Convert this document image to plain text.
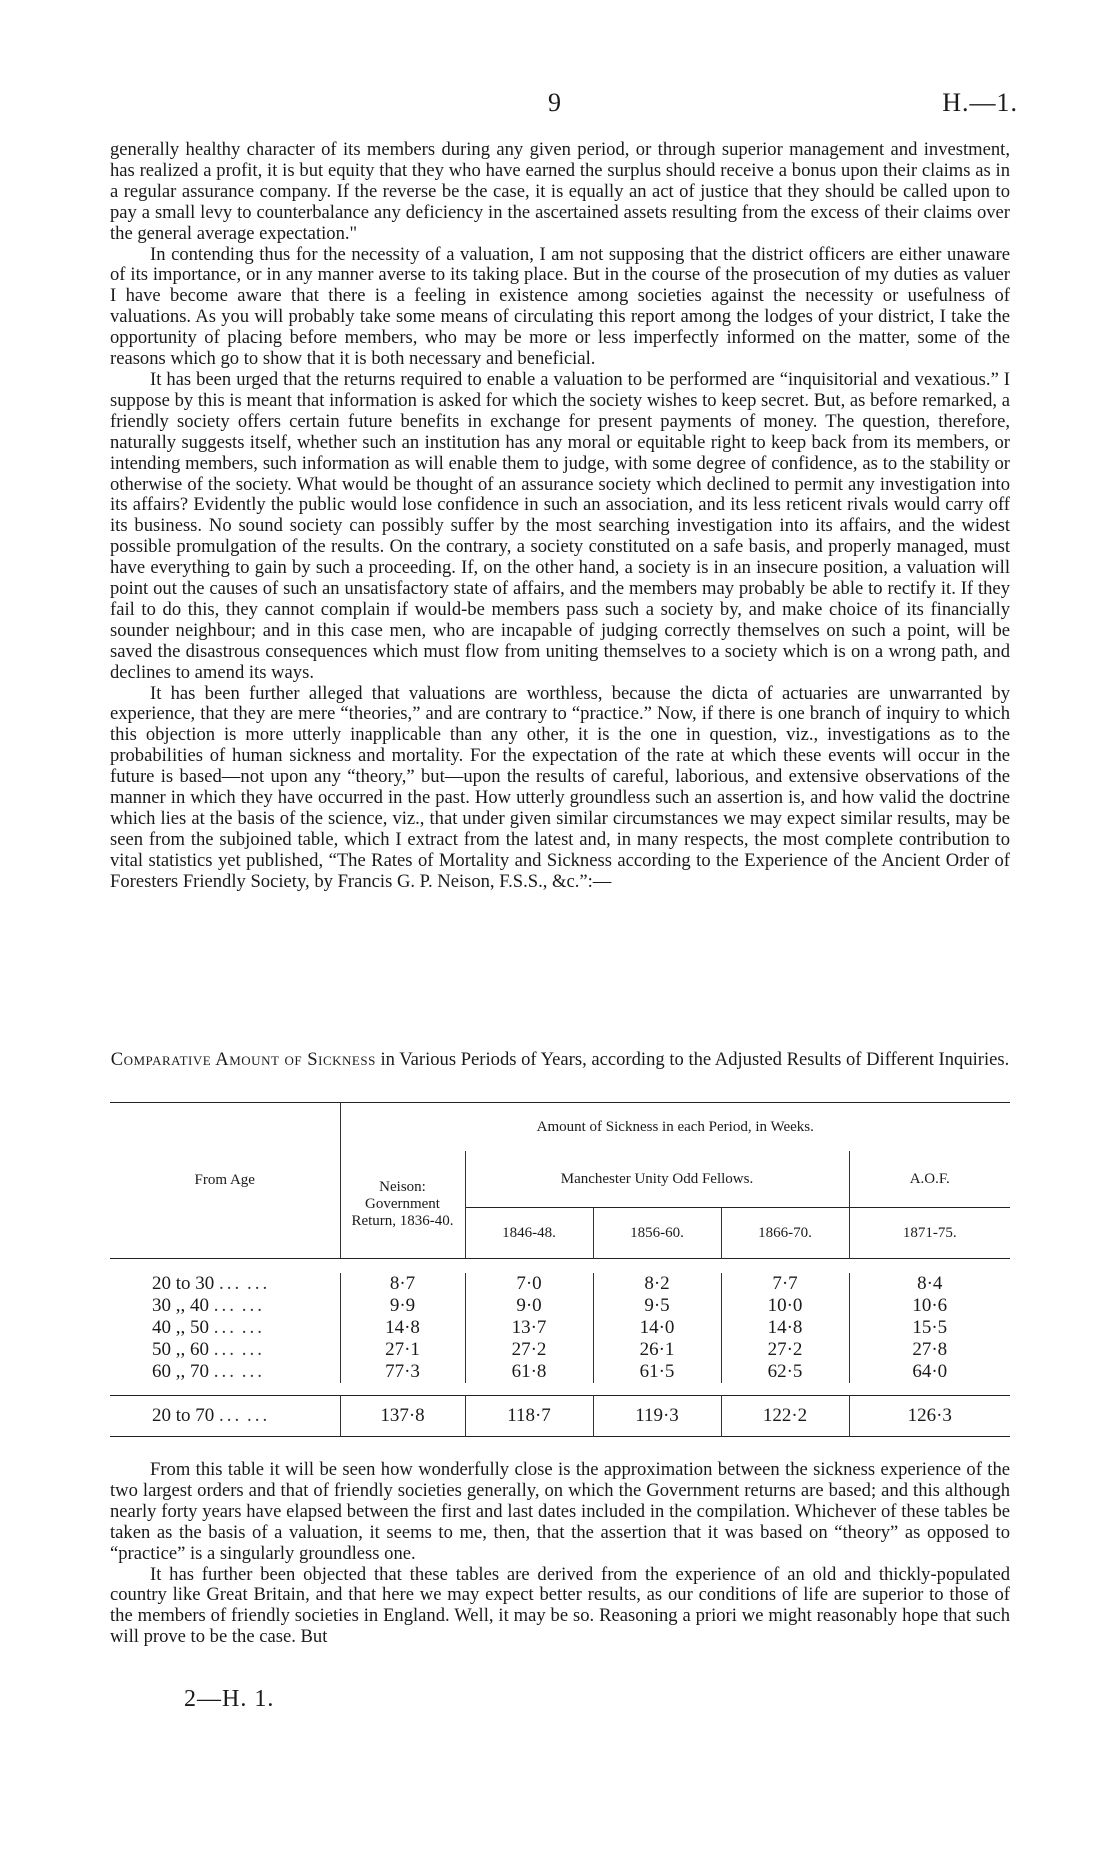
9	H.—1.

generally healthy character of its members during any given period, or through superior management and investment, has realized a profit, it is but equity that they who have earned the surplus should receive a bonus upon their claims as in a regular assurance company. If the reverse be the case, it is equally an act of justice that they should be called upon to pay a small levy to counterbalance any deficiency in the ascertained assets resulting from the excess of their claims over the general average expectation."

In contending thus for the necessity of a valuation, I am not supposing that the district officers are either unaware of its importance, or in any manner averse to its taking place. But in the course of the prosecution of my duties as valuer I have become aware that there is a feeling in existence among societies against the necessity or usefulness of valuations. As you will probably take some means of circulating this report among the lodges of your district, I take the opportunity of placing before members, who may be more or less imperfectly informed on the matter, some of the reasons which go to show that it is both necessary and beneficial.

It has been urged that the returns required to enable a valuation to be performed are “inquisitorial and vexatious.” I suppose by this is meant that information is asked for which the society wishes to keep secret. But, as before remarked, a friendly society offers certain future benefits in exchange for present payments of money. The question, therefore, naturally suggests itself, whether such an institution has any moral or equitable right to keep back from its members, or intending members, such information as will enable them to judge, with some degree of confidence, as to the stability or otherwise of the society. What would be thought of an assurance society which declined to permit any investigation into its affairs? Evidently the public would lose confidence in such an association, and its less reticent rivals would carry off its business. No sound society can possibly suffer by the most searching investigation into its affairs, and the widest possible promulgation of the results. On the contrary, a society constituted on a safe basis, and properly managed, must have everything to gain by such a proceeding. If, on the other hand, a society is in an insecure position, a valuation will point out the causes of such an unsatisfactory state of affairs, and the members may probably be able to rectify it. If they fail to do this, they cannot complain if would-be members pass such a society by, and make choice of its financially sounder neighbour; and in this case men, who are incapable of judging correctly themselves on such a point, will be saved the disastrous consequences which must flow from uniting themselves to a society which is on a wrong path, and declines to amend its ways.

It has been further alleged that valuations are worthless, because the dicta of actuaries are unwarranted by experience, that they are mere “theories,” and are contrary to “practice.” Now, if there is one branch of inquiry to which this objection is more utterly inapplicable than any other, it is the one in question, viz., investigations as to the probabilities of human sickness and mortality. For the expectation of the rate at which these events will occur in the future is based—not upon any “theory,” but—upon the results of careful, laborious, and extensive observations of the manner in which they have occurred in the past. How utterly groundless such an assertion is, and how valid the doctrine which lies at the basis of the science, viz., that under given similar circumstances we may expect similar results, may be seen from the subjoined table, which I extract from the latest and, in many respects, the most complete contribution to vital statistics yet published, “The Rates of Mortality and Sickness according to the Experience of the Ancient Order of Foresters Friendly Society, by Francis G. P. Neison, F.S.S., &c.”:—

Comparative Amount of Sickness in Various Periods of Years, according to the Adjusted Results of Different Inquiries.
From Age	Amount of Sickness in each Period, in Weeks.				
	Neison: Government Return, 1836-40.	Manchester Unity Odd Fellows.			A.O.F.
		1846-48.	1856-60.	1866-70.	1871-75.

20 to 30 ... ...	8·7	7·0	8·2	7·7	8·4
30 ,, 40 ... ...	9·9	9·0	9·5	10·0	10·6
40 ,, 50 ... ...	14·8	13·7	14·0	14·8	15·5
50 ,, 60 ... ...	27·1	27·2	26·1	27·2	27·8
60 ,, 70 ... ...	77·3	61·8	61·5	62·5	64·0

20 to 70 ... ...	137·8	118·7	119·3	122·2	126·3

From this table it will be seen how wonderfully close is the approximation between the sickness experience of the two largest orders and that of friendly societies generally, on which the Government returns are based; and this although nearly forty years have elapsed between the first and last dates included in the compilation. Whichever of these tables be taken as the basis of a valuation, it seems to me, then, that the assertion that it was based on “theory” as opposed to “practice” is a singularly groundless one.

It has further been objected that these tables are derived from the experience of an old and thickly-populated country like Great Britain, and that here we may expect better results, as our conditions of life are superior to those of the members of friendly societies in England. Well, it may be so. Reasoning a priori we might reasonably hope that such will prove to be the case. But

2—H. 1.
